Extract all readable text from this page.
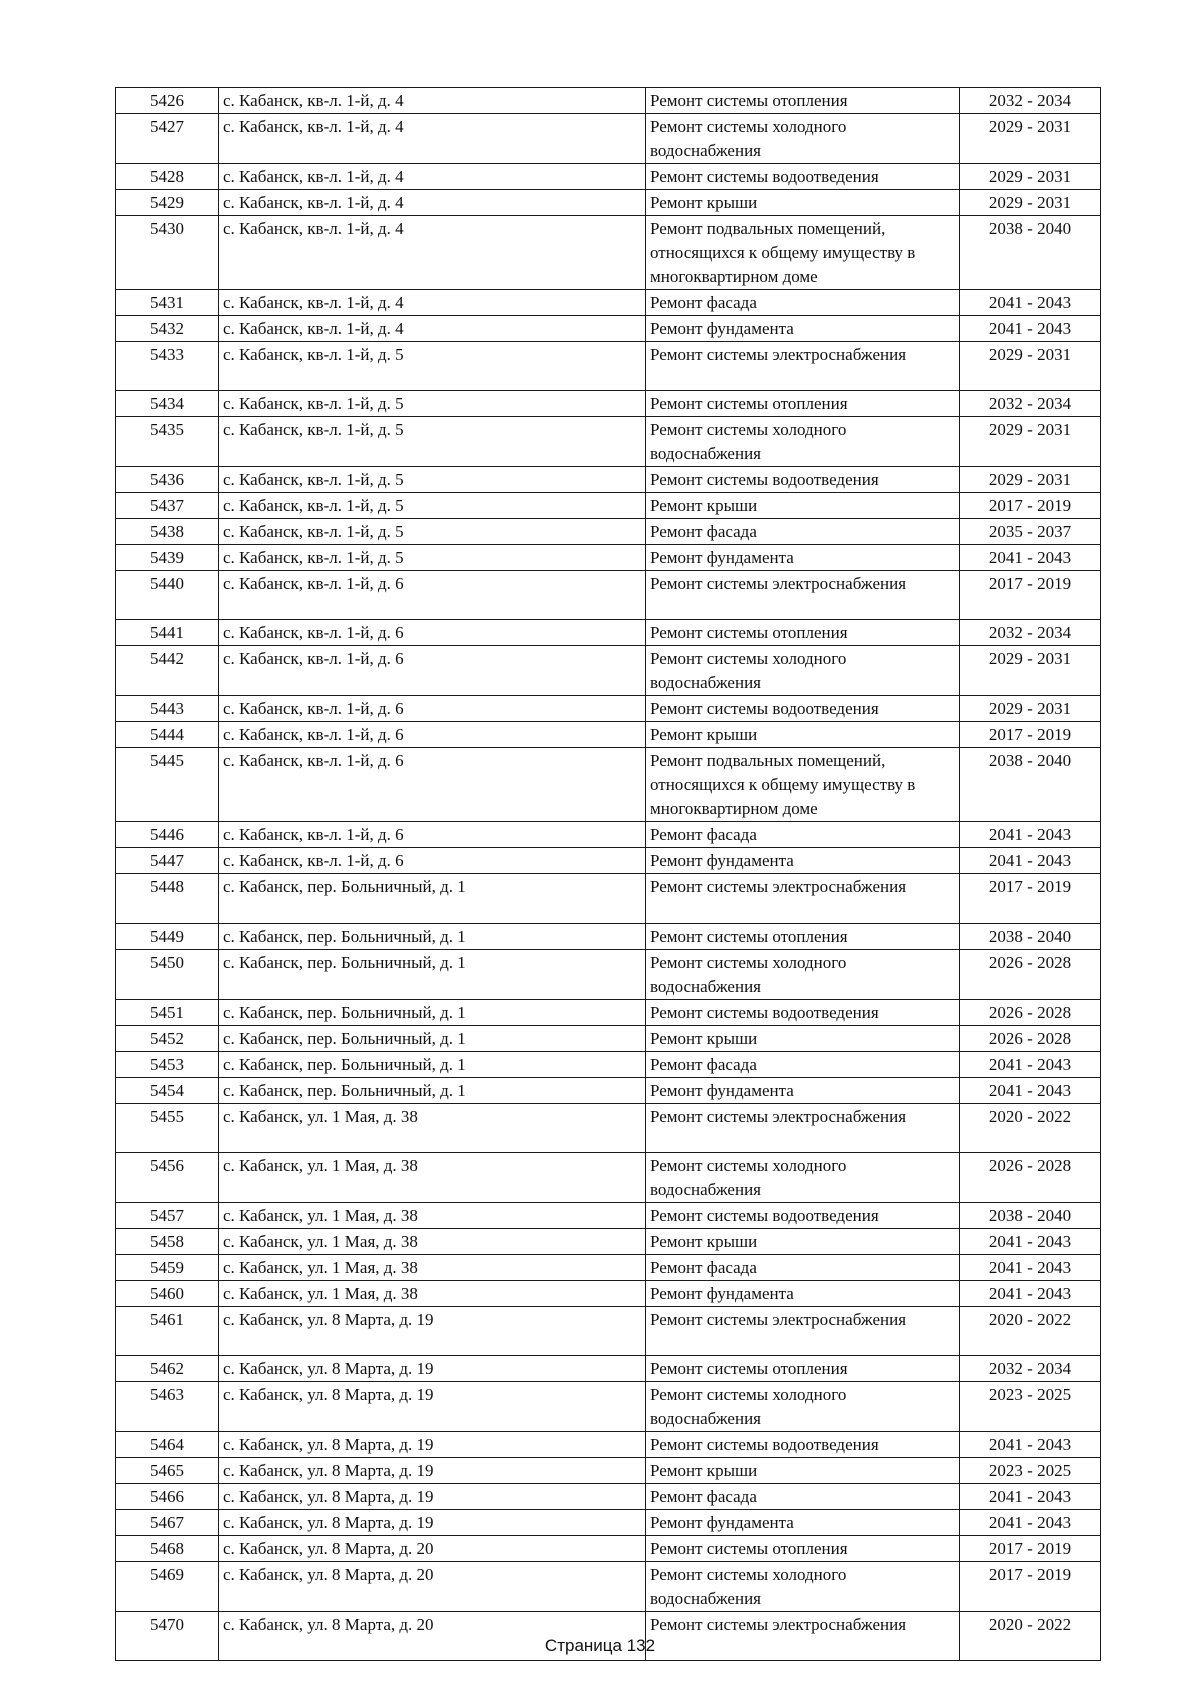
5426	с. Кабанск, кв-л. 1-й, д. 4	Ремонт системы отопления	2032 - 2034
5427	с. Кабанск, кв-л. 1-й, д. 4	Ремонт системы холодного водоснабжения	2029 - 2031
5428	с. Кабанск, кв-л. 1-й, д. 4	Ремонт системы водоотведения	2029 - 2031
5429	с. Кабанск, кв-л. 1-й, д. 4	Ремонт крыши	2029 - 2031
5430	с. Кабанск, кв-л. 1-й, д. 4	Ремонт подвальных помещений, относящихся к общему имуществу в многоквартирном доме	2038 - 2040
5431	с. Кабанск, кв-л. 1-й, д. 4	Ремонт фасада	2041 - 2043
5432	с. Кабанск, кв-л. 1-й, д. 4	Ремонт фундамента	2041 - 2043
5433	с. Кабанск, кв-л. 1-й, д. 5	Ремонт системы электроснабжения	2029 - 2031
5434	с. Кабанск, кв-л. 1-й, д. 5	Ремонт системы отопления	2032 - 2034
5435	с. Кабанск, кв-л. 1-й, д. 5	Ремонт системы холодного водоснабжения	2029 - 2031
5436	с. Кабанск, кв-л. 1-й, д. 5	Ремонт системы водоотведения	2029 - 2031
5437	с. Кабанск, кв-л. 1-й, д. 5	Ремонт крыши	2017 - 2019
5438	с. Кабанск, кв-л. 1-й, д. 5	Ремонт фасада	2035 - 2037
5439	с. Кабанск, кв-л. 1-й, д. 5	Ремонт фундамента	2041 - 2043
5440	с. Кабанск, кв-л. 1-й, д. 6	Ремонт системы электроснабжения	2017 - 2019
5441	с. Кабанск, кв-л. 1-й, д. 6	Ремонт системы отопления	2032 - 2034
5442	с. Кабанск, кв-л. 1-й, д. 6	Ремонт системы холодного водоснабжения	2029 - 2031
5443	с. Кабанск, кв-л. 1-й, д. 6	Ремонт системы водоотведения	2029 - 2031
5444	с. Кабанск, кв-л. 1-й, д. 6	Ремонт крыши	2017 - 2019
5445	с. Кабанск, кв-л. 1-й, д. 6	Ремонт подвальных помещений, относящихся к общему имуществу в многоквартирном доме	2038 - 2040
5446	с. Кабанск, кв-л. 1-й, д. 6	Ремонт фасада	2041 - 2043
5447	с. Кабанск, кв-л. 1-й, д. 6	Ремонт фундамента	2041 - 2043
5448	с. Кабанск, пер. Больничный, д. 1	Ремонт системы электроснабжения	2017 - 2019
5449	с. Кабанск, пер. Больничный, д. 1	Ремонт системы отопления	2038 - 2040
5450	с. Кабанск, пер. Больничный, д. 1	Ремонт системы холодного водоснабжения	2026 - 2028
5451	с. Кабанск, пер. Больничный, д. 1	Ремонт системы водоотведения	2026 - 2028
5452	с. Кабанск, пер. Больничный, д. 1	Ремонт крыши	2026 - 2028
5453	с. Кабанск, пер. Больничный, д. 1	Ремонт фасада	2041 - 2043
5454	с. Кабанск, пер. Больничный, д. 1	Ремонт фундамента	2041 - 2043
5455	с. Кабанск, ул. 1 Мая, д. 38	Ремонт системы электроснабжения	2020 - 2022
5456	с. Кабанск, ул. 1 Мая, д. 38	Ремонт системы холодного водоснабжения	2026 - 2028
5457	с. Кабанск, ул. 1 Мая, д. 38	Ремонт системы водоотведения	2038 - 2040
5458	с. Кабанск, ул. 1 Мая, д. 38	Ремонт крыши	2041 - 2043
5459	с. Кабанск, ул. 1 Мая, д. 38	Ремонт фасада	2041 - 2043
5460	с. Кабанск, ул. 1 Мая, д. 38	Ремонт фундамента	2041 - 2043
5461	с. Кабанск, ул. 8 Марта, д. 19	Ремонт системы электроснабжения	2020 - 2022
5462	с. Кабанск, ул. 8 Марта, д. 19	Ремонт системы отопления	2032 - 2034
5463	с. Кабанск, ул. 8 Марта, д. 19	Ремонт системы холодного водоснабжения	2023 - 2025
5464	с. Кабанск, ул. 8 Марта, д. 19	Ремонт системы водоотведения	2041 - 2043
5465	с. Кабанск, ул. 8 Марта, д. 19	Ремонт крыши	2023 - 2025
5466	с. Кабанск, ул. 8 Марта, д. 19	Ремонт фасада	2041 - 2043
5467	с. Кабанск, ул. 8 Марта, д. 19	Ремонт фундамента	2041 - 2043
5468	с. Кабанск, ул. 8 Марта, д. 20	Ремонт системы отопления	2017 - 2019
5469	с. Кабанск, ул. 8 Марта, д. 20	Ремонт системы холодного водоснабжения	2017 - 2019
5470	с. Кабанск, ул. 8 Марта, д. 20	Ремонт системы электроснабжения	2020 - 2022
Страница 132
